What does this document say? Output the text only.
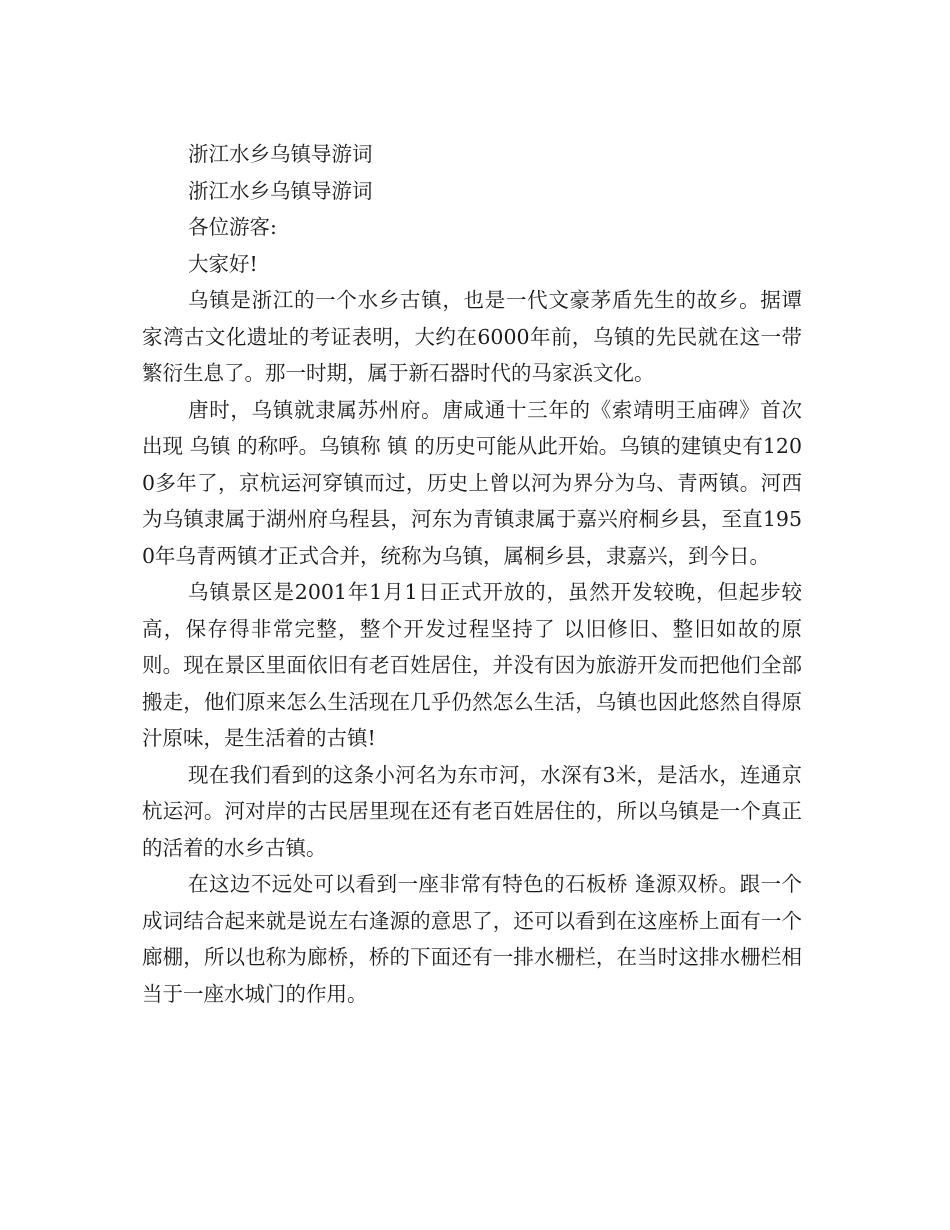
浙江水乡乌镇导游词

浙江水乡乌镇导游词

各位游客:

大家好!

乌镇是浙江的一个水乡古镇，也是一代文豪茅盾先生的故乡。据谭家湾古文化遗址的考证表明，大约在6000年前，乌镇的先民就在这一带繁衍生息了。那一时期，属于新石器时代的马家浜文化。

唐时，乌镇就隶属苏州府。唐咸通十三年的《索靖明王庙碑》首次出现 乌镇 的称呼。乌镇称 镇 的历史可能从此开始。乌镇的建镇史有1200多年了，京杭运河穿镇而过，历史上曾以河为界分为乌、青两镇。河西为乌镇隶属于湖州府乌程县，河东为青镇隶属于嘉兴府桐乡县，至直1950年乌青两镇才正式合并，统称为乌镇，属桐乡县，隶嘉兴，到今日。

乌镇景区是2001年1月1日正式开放的，虽然开发较晚，但起步较高，保存得非常完整，整个开发过程坚持了 以旧修旧、整旧如故的原则。现在景区里面依旧有老百姓居住，并没有因为旅游开发而把他们全部搬走，他们原来怎么生活现在几乎仍然怎么生活，乌镇也因此悠然自得原汁原味，是生活着的古镇!

现在我们看到的这条小河名为东市河，水深有3米，是活水，连通京杭运河。河对岸的古民居里现在还有老百姓居住的，所以乌镇是一个真正的活着的水乡古镇。

在这边不远处可以看到一座非常有特色的石板桥 逢源双桥。跟一个成词结合起来就是说左右逢源的意思了，还可以看到在这座桥上面有一个廊棚，所以也称为廊桥，桥的下面还有一排水栅栏，在当时这排水栅栏相当于一座水城门的作用。
